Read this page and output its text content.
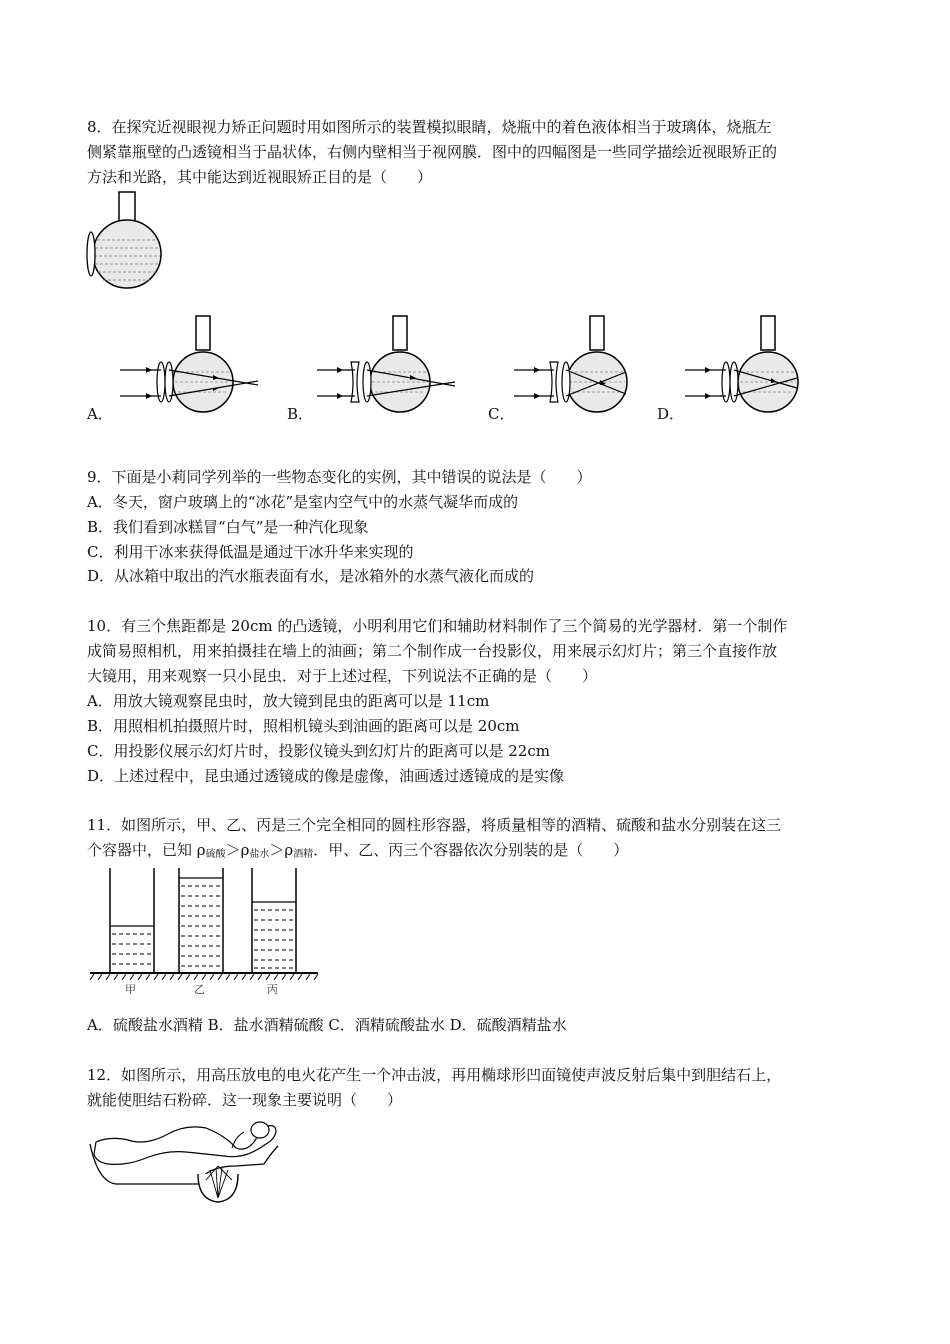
8．在探究近视眼视力矫正问题时用如图所示的装置模拟眼睛，烧瓶中的着色液体相当于玻璃体，烧瓶左
侧紧靠瓶壁的凸透镜相当于晶状体，右侧内壁相当于视网膜．图中的四幅图是一些同学描绘近视眼矫正的
方法和光路，其中能达到近视眼矫正目的是（　　）
A．	B．	C．	D．
9．下面是小莉同学列举的一些物态变化的实例，其中错误的说法是（　　）
A．冬天，窗户玻璃上的“冰花”是室内空气中的水蒸气凝华而成的
B．我们看到冰糕冒“白气”是一种汽化现象
C．利用干冰来获得低温是通过干冰升华来实现的
D．从冰箱中取出的汽水瓶表面有水，是冰箱外的水蒸气液化而成的
10．有三个焦距都是 20cm 的凸透镜，小明利用它们和辅助材料制作了三个简易的光学器材．第一个制作
成简易照相机，用来拍摄挂在墙上的油画；第二个制作成一台投影仪，用来展示幻灯片；第三个直接作放
大镜用，用来观察一只小昆虫．对于上述过程，下列说法不正确的是（　　）
A．用放大镜观察昆虫时，放大镜到昆虫的距离可以是 11cm
B．用照相机拍摄照片时，照相机镜头到油画的距离可以是 20cm
C．用投影仪展示幻灯片时，投影仪镜头到幻灯片的距离可以是 22cm
D．上述过程中，昆虫通过透镜成的像是虚像，油画透过透镜成的是实像
11．如图所示，甲、乙、丙是三个完全相同的圆柱形容器，将质量相等的酒精、硫酸和盐水分别装在这三
个容器中，已知 ρ硫酸＞ρ盐水＞ρ酒精．甲、乙、丙三个容器依次分别装的是（　　）
甲	乙	丙
A．硫酸盐水酒精 B．盐水酒精硫酸 C．酒精硫酸盐水 D．硫酸酒精盐水
12．如图所示，用高压放电的电火花产生一个冲击波，再用椭球形凹面镜使声波反射后集中到胆结石上，
就能使胆结石粉碎．这一现象主要说明（　　）
